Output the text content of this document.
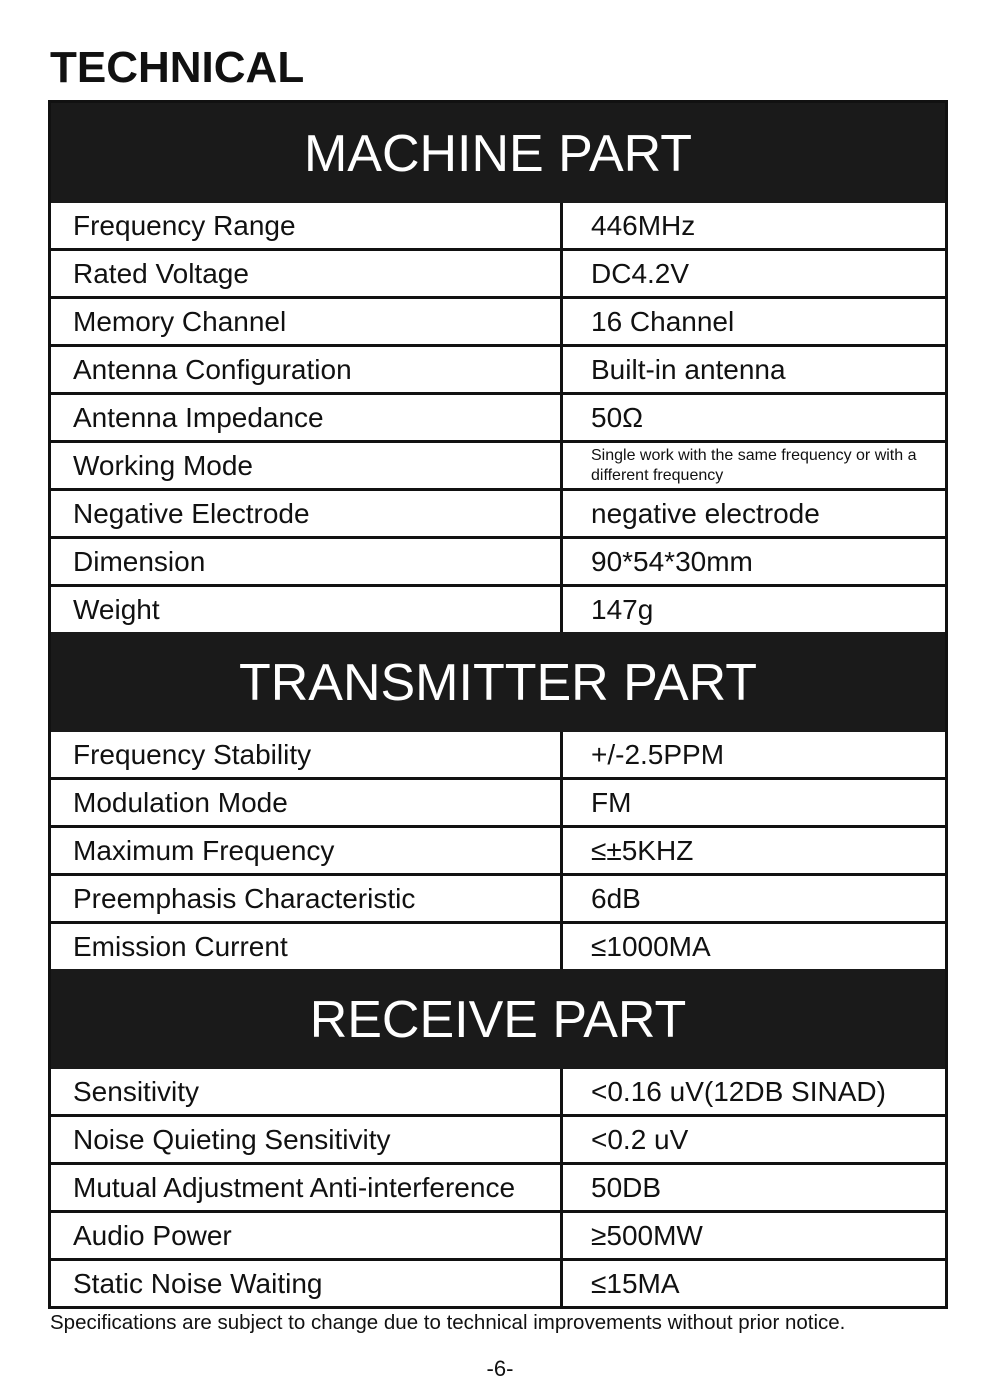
TECHNICAL
MACHINE PART
Frequency Range	446MHz
Rated Voltage	DC4.2V
Memory Channel	16 Channel
Antenna Configuration	Built-in antenna
Antenna Impedance	50Ω
Working Mode	Single work with the same frequency or with a different frequency
Negative Electrode	negative electrode
Dimension	90*54*30mm
Weight	147g
TRANSMITTER PART
Frequency Stability	+/-2.5PPM
Modulation Mode	FM
Maximum Frequency	≤±5KHZ
Preemphasis Characteristic	6dB
Emission Current	≤1000MA
RECEIVE PART
Sensitivity	<0.16 uV(12DB SINAD)
Noise Quieting Sensitivity	<0.2 uV
Mutual Adjustment Anti-interference	50DB
Audio Power	≥500MW
Static Noise Waiting	≤15MA
Specifications are subject to change due to technical improvements without prior notice.
-6-
